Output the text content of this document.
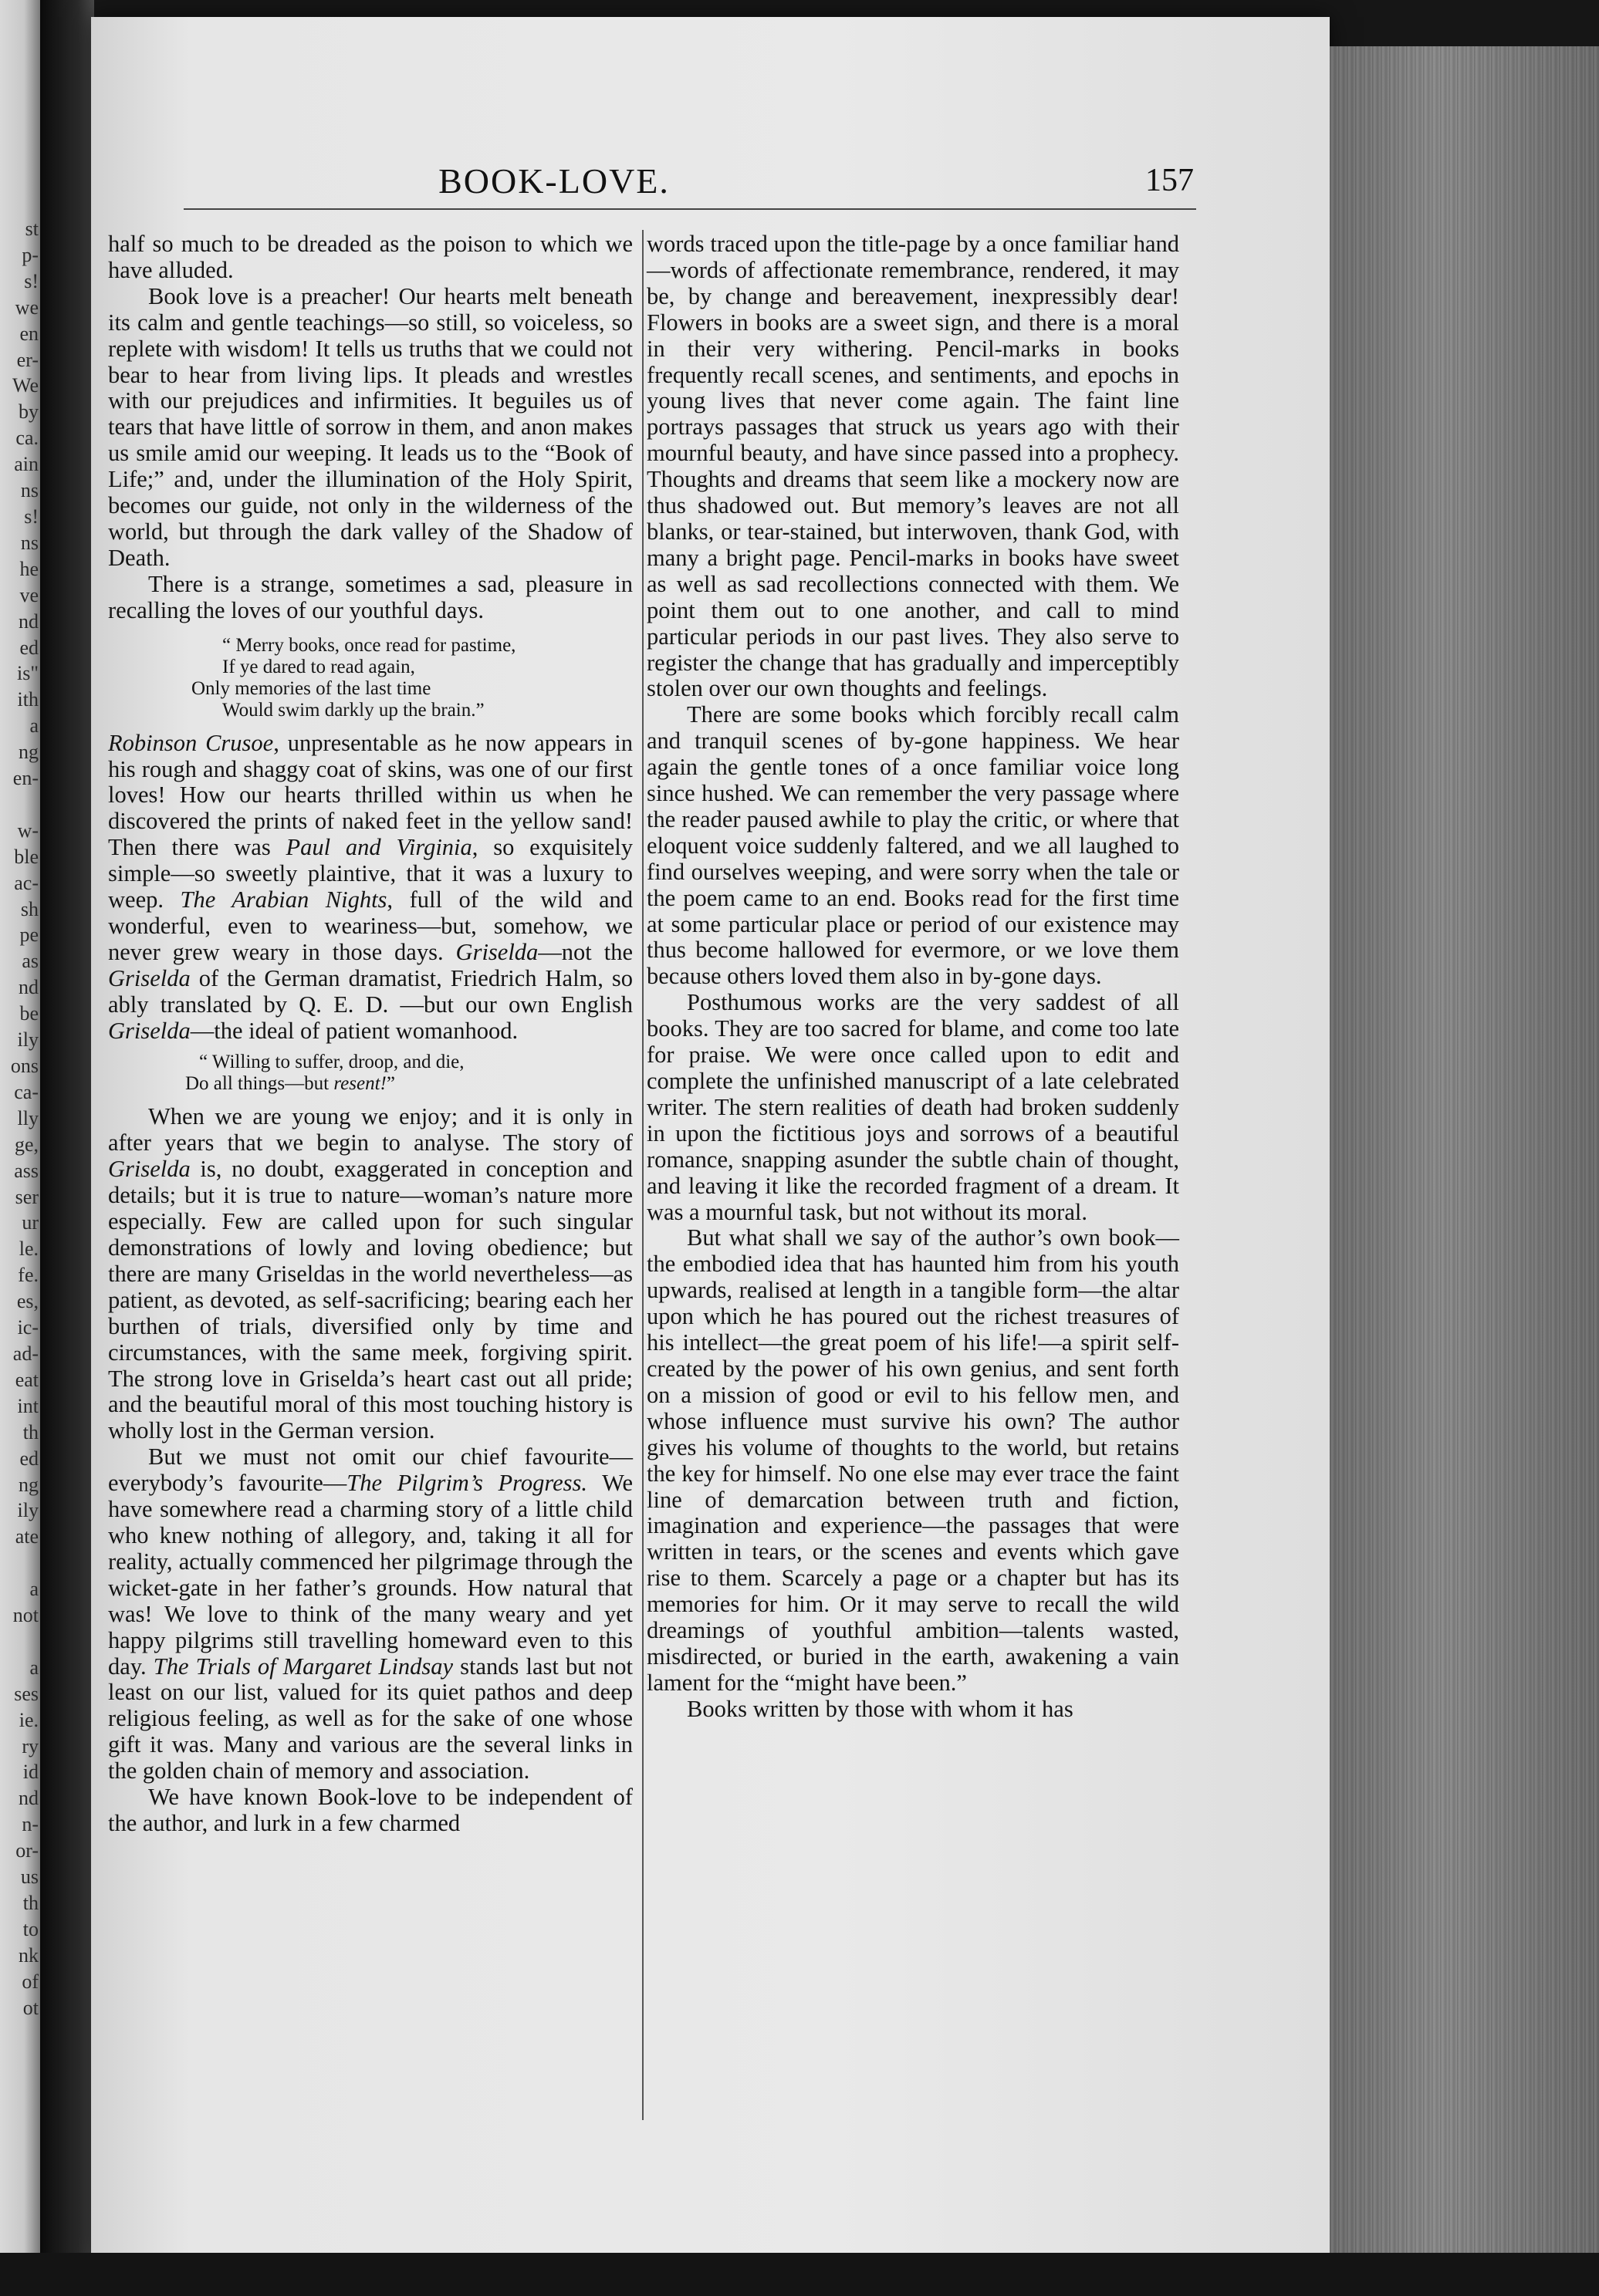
st
p-
s!
we
en
er-
We
by
ca.
ain
ns
s!
ns
he
ve
nd
ed
is"
ith
a
ng
en-

w-
ble
ac-
sh
pe
as
nd
be
ily
ons
ca-
lly
ge,
ass
ser
ur
le.
fe.
es,
ic-
ad-
eat
int
th
ed
ng
ily
ate

a
not

a
ses
ie.
ry
id
nd
n-
or-
us
th
to
nk
of
ot
BOOK-LOVE.	157

half so much to be dreaded as the poison to which we have alluded.

Book love is a preacher! Our hearts melt beneath its calm and gentle teachings—so still, so voiceless, so replete with wisdom! It tells us truths that we could not bear to hear from living lips. It pleads and wrestles with our prejudices and infirmities. It beguiles us of tears that have little of sorrow in them, and anon makes us smile amid our weeping. It leads us to the “Book of Life;” and, under the illumination of the Holy Spirit, becomes our guide, not only in the wilderness of the world, but through the dark valley of the Shadow of Death.

There is a strange, sometimes a sad, pleasure in recalling the loves of our youthful days.

“ Merry books, once read for pastime,
If ye dared to read again,
Only memories of the last time
Would swim darkly up the brain.”

Robinson Crusoe, unpresentable as he now appears in his rough and shaggy coat of skins, was one of our first loves! How our hearts thrilled within us when he discovered the prints of naked feet in the yellow sand! Then there was Paul and Virginia, so exquisitely simple—so sweetly plaintive, that it was a luxury to weep. The Arabian Nights, full of the wild and wonderful, even to weariness—but, somehow, we never grew weary in those days. Griselda—not the Griselda of the German dramatist, Friedrich Halm, so ably translated by Q. E. D. —but our own English Griselda—the ideal of patient womanhood.

“ Willing to suffer, droop, and die,
Do all things—but resent!”

When we are young we enjoy; and it is only in after years that we begin to analyse. The story of Griselda is, no doubt, exaggerated in conception and details; but it is true to nature—woman’s nature more especially. Few are called upon for such singular demonstrations of lowly and loving obedience; but there are many Griseldas in the world nevertheless—as patient, as devoted, as self-sacrificing; bearing each her burthen of trials, diversified only by time and circumstances, with the same meek, forgiving spirit. The strong love in Griselda’s heart cast out all pride; and the beautiful moral of this most touching history is wholly lost in the German version.

But we must not omit our chief favourite—everybody’s favourite—The Pilgrim’s Progress. We have somewhere read a charming story of a little child who knew nothing of allegory, and, taking it all for reality, actually commenced her pilgrimage through the wicket-gate in her father’s grounds. How natural that was! We love to think of the many weary and yet happy pilgrims still travelling homeward even to this day. The Trials of Margaret Lindsay stands last but not least on our list, valued for its quiet pathos and deep religious feeling, as well as for the sake of one whose gift it was. Many and various are the several links in the golden chain of memory and association.

We have known Book-love to be independent of the author, and lurk in a few charmed

words traced upon the title-page by a once familiar hand—words of affectionate remembrance, rendered, it may be, by change and bereavement, inexpressibly dear! Flowers in books are a sweet sign, and there is a moral in their very withering. Pencil-marks in books frequently recall scenes, and sentiments, and epochs in young lives that never come again. The faint line portrays passages that struck us years ago with their mournful beauty, and have since passed into a prophecy. Thoughts and dreams that seem like a mockery now are thus shadowed out. But memory’s leaves are not all blanks, or tear-stained, but interwoven, thank God, with many a bright page. Pencil-marks in books have sweet as well as sad recollections connected with them. We point them out to one another, and call to mind particular periods in our past lives. They also serve to register the change that has gradually and imperceptibly stolen over our own thoughts and feelings.

There are some books which forcibly recall calm and tranquil scenes of by-gone happiness. We hear again the gentle tones of a once familiar voice long since hushed. We can remember the very passage where the reader paused awhile to play the critic, or where that eloquent voice suddenly faltered, and we all laughed to find ourselves weeping, and were sorry when the tale or the poem came to an end. Books read for the first time at some particular place or period of our existence may thus become hallowed for evermore, or we love them because others loved them also in by-gone days.

Posthumous works are the very saddest of all books. They are too sacred for blame, and come too late for praise. We were once called upon to edit and complete the unfinished manuscript of a late celebrated writer. The stern realities of death had broken suddenly in upon the fictitious joys and sorrows of a beautiful romance, snapping asunder the subtle chain of thought, and leaving it like the recorded fragment of a dream. It was a mournful task, but not without its moral.

But what shall we say of the author’s own book—the embodied idea that has haunted him from his youth upwards, realised at length in a tangible form—the altar upon which he has poured out the richest treasures of his intellect—the great poem of his life!—a spirit self-created by the power of his own genius, and sent forth on a mission of good or evil to his fellow men, and whose influence must survive his own? The author gives his volume of thoughts to the world, but retains the key for himself. No one else may ever trace the faint line of demarcation between truth and fiction, imagination and experience—the passages that were written in tears, or the scenes and events which gave rise to them. Scarcely a page or a chapter but has its memories for him. Or it may serve to recall the wild dreamings of youthful ambition—talents wasted, misdirected, or buried in the earth, awakening a vain lament for the “might have been.”

Books written by those with whom it has
